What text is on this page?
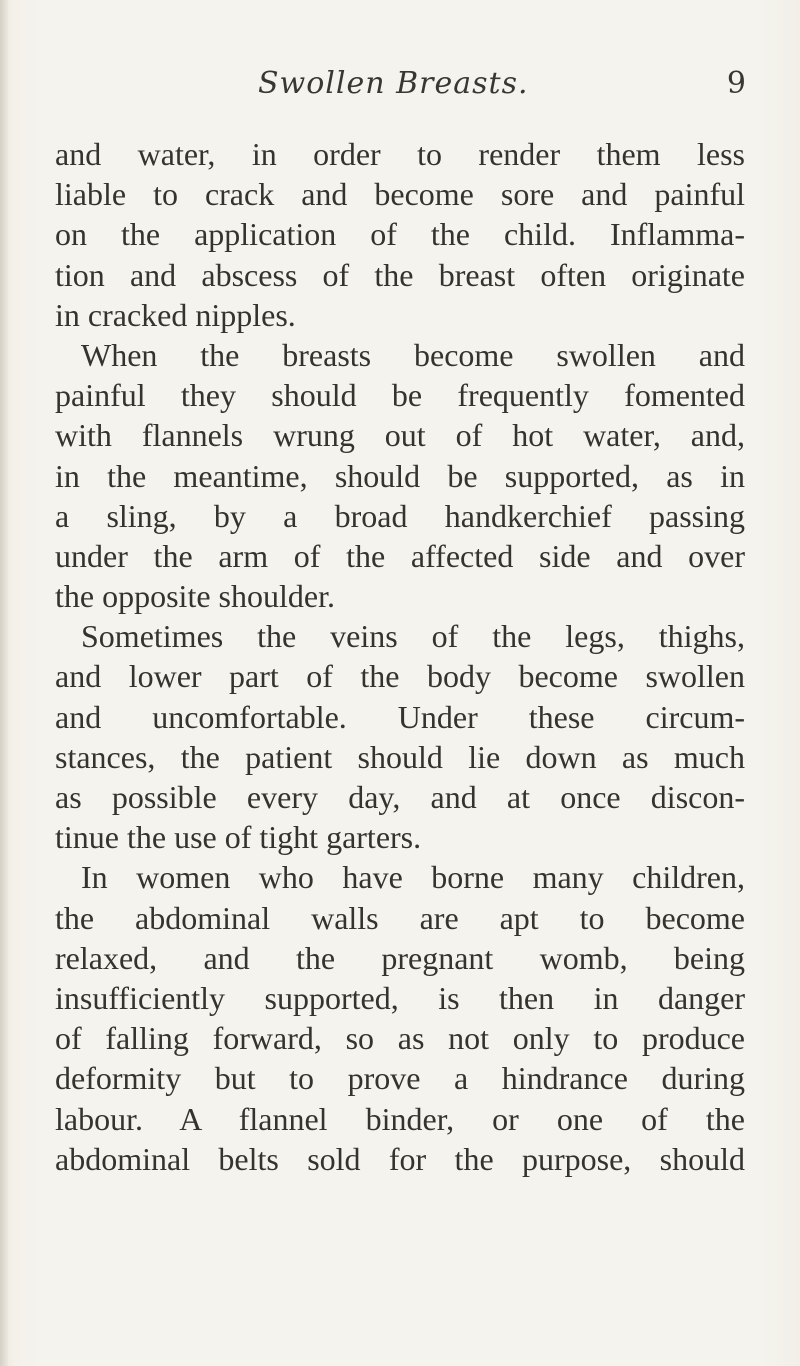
Swollen Breasts.	9
and water, in order to render them less
liable to crack and become sore and painful
on the application of the child. Inflamma-
tion and abscess of the breast often originate
in cracked nipples.
When the breasts become swollen and
painful they should be frequently fomented
with flannels wrung out of hot water, and,
in the meantime, should be supported, as in
a sling, by a broad handkerchief passing
under the arm of the affected side and over
the opposite shoulder.
Sometimes the veins of the legs, thighs,
and lower part of the body become swollen
and uncomfortable. Under these circum-
stances, the patient should lie down as much
as possible every day, and at once discon-
tinue the use of tight garters.
In women who have borne many children,
the abdominal walls are apt to become
relaxed, and the pregnant womb, being
insufficiently supported, is then in danger
of falling forward, so as not only to produce
deformity but to prove a hindrance during
labour. A flannel binder, or one of the
abdominal belts sold for the purpose, should
